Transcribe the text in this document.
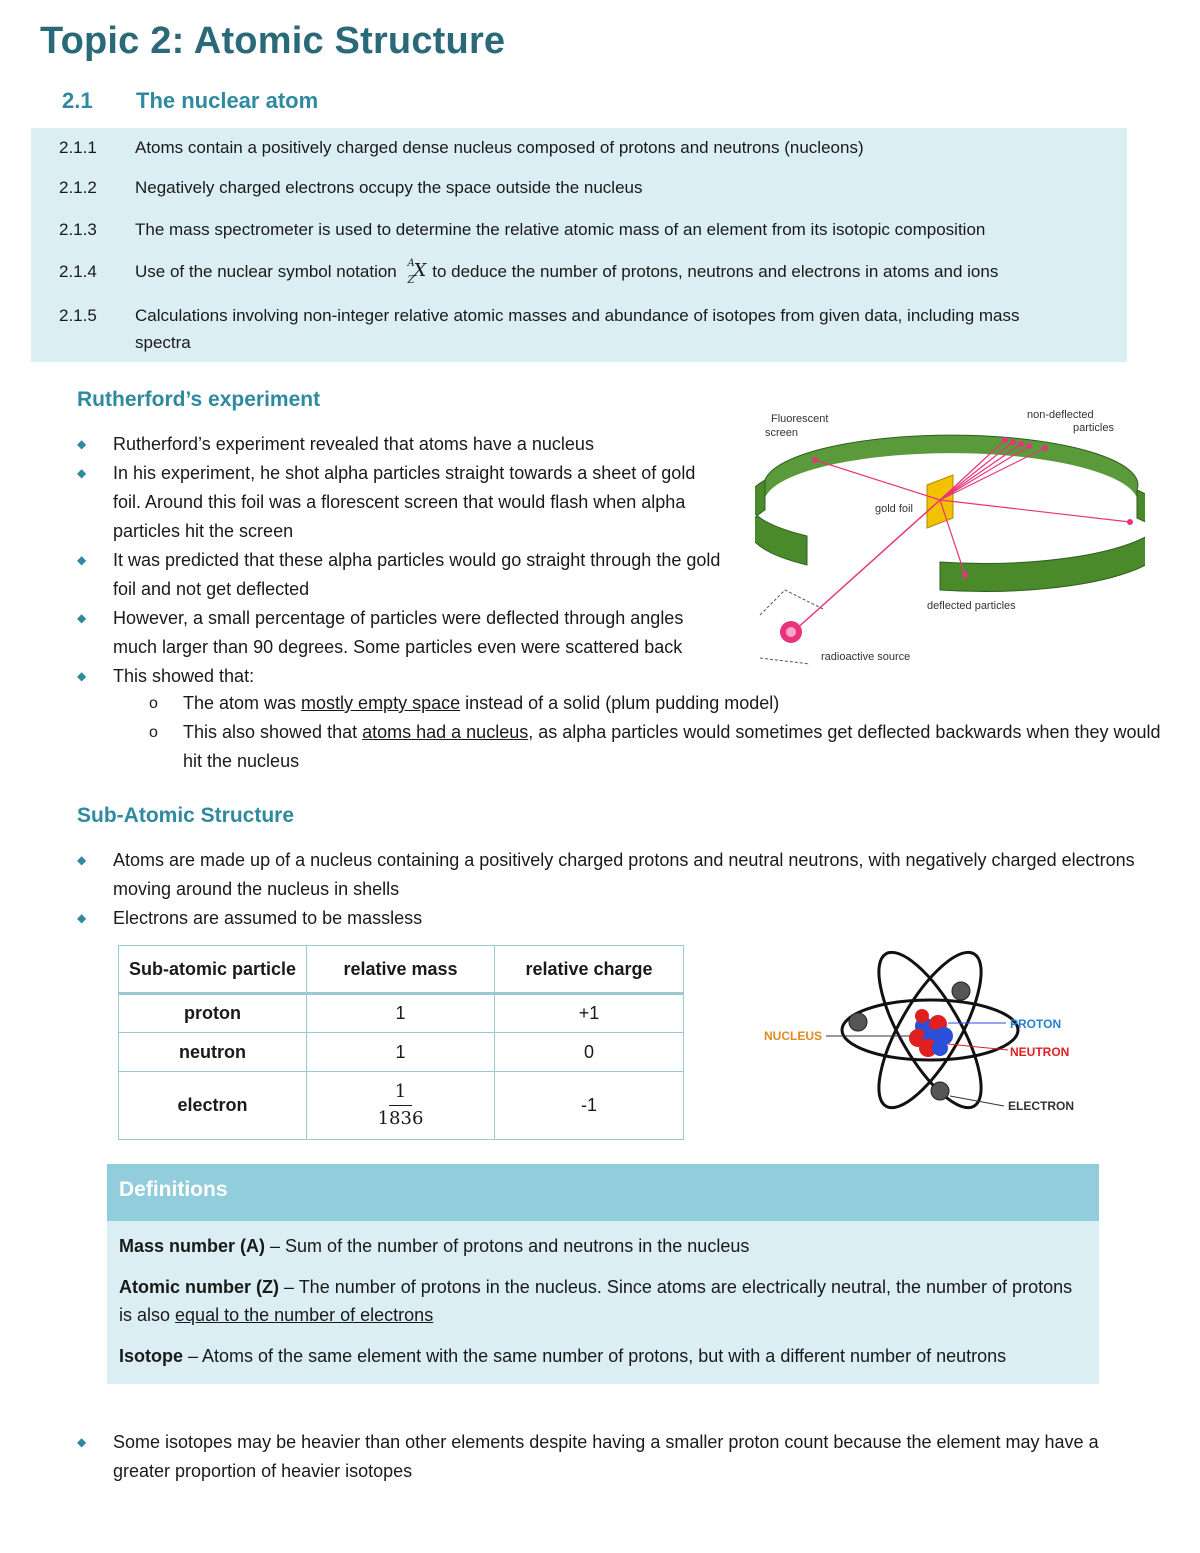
Topic 2: Atomic Structure
2.1 The nuclear atom
2.1.1	Atoms contain a positively charged dense nucleus composed of protons and neutrons (nucleons)
2.1.2	Negatively charged electrons occupy the space outside the nucleus
2.1.3	The mass spectrometer is used to determine the relative atomic mass of an element from its isotopic composition
2.1.4	Use of the nuclear symbol notation A
Z X to deduce the number of protons, neutrons and electrons in atoms and ions
2.1.5	Calculations involving non-integer relative atomic masses and abundance of isotopes from given data, including mass spectra
Rutherford’s experiment
◆ Rutherford’s experiment revealed that atoms have a nucleus
◆ In his experiment, he shot alpha particles straight towards a sheet of gold foil. Around this foil was a florescent screen that would flash when alpha particles hit the screen
◆ It was predicted that these alpha particles would go straight through the gold foil and not get deflected
◆ However, a small percentage of particles were deflected through angles much larger than 90 degrees. Some particles even were scattered back
◆ This showed that:
o The atom was mostly empty space instead of a solid (plum pudding model)
o This also showed that atoms had a nucleus, as alpha particles would sometimes get deflected backwards when they would hit the nucleus
Fluorescent
screen
non-deflected
particles
gold foil
deflected particles
radioactive source
Sub-Atomic Structure
◆ Atoms are made up of a nucleus containing a positively charged protons and neutral neutrons, with negatively charged electrons moving around the nucleus in shells
◆ Electrons are assumed to be massless
Sub-atomic particle	relative mass	relative charge
proton	1	+1
neutron	1	0
electron	$\frac{1}{1836}$	-1
NUCLEUS
PROTON
NEUTRON
ELECTRON
Definitions
Mass number (A) – Sum of the number of protons and neutrons in the nucleus
Atomic number (Z) – The number of protons in the nucleus. Since atoms are electrically neutral, the number of protons is also equal to the number of electrons
Isotope – Atoms of the same element with the same number of protons, but with a different number of neutrons
◆ Some isotopes may be heavier than other elements despite having a smaller proton count because the element may have a greater proportion of heavier isotopes
